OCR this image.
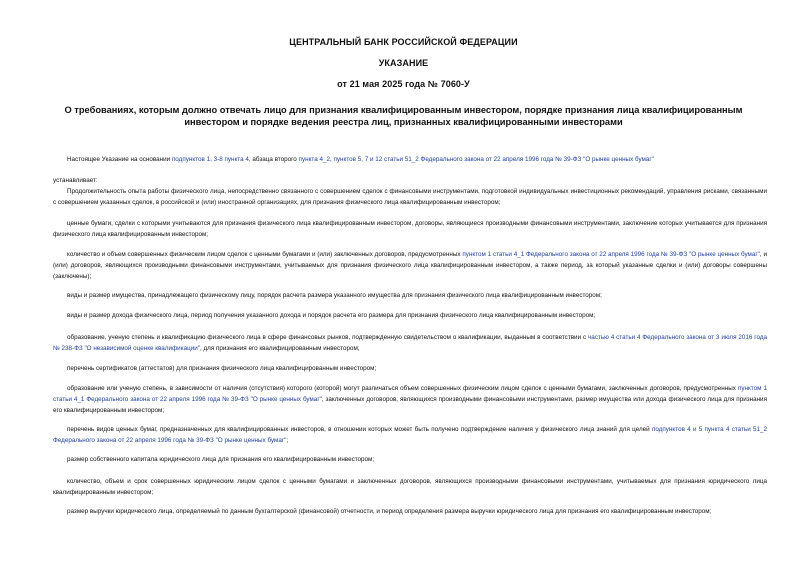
ЦЕНТРАЛЬНЫЙ БАНК РОССИЙСКОЙ ФЕДЕРАЦИИ
УКАЗАНИЕ
от 21 мая 2025 года № 7060-У
О требованиях, которым должно отвечать лицо для признания квалифицированным инвестором, порядке признания лица квалифицированным инвестором и порядке ведения реестра лиц, признанных квалифицированными инвесторами
Настоящее Указание на основании подпунктов 1, 3-8 пункта 4, абзаца второго пункта 4_2, пунктов 5, 7 и 12 статьи 51_2 Федерального закона от 22 апреля 1996 года № 39-ФЗ "О рынке ценных бумаг"
устанавливает:
Продолжительность опыта работы физического лица, непосредственно связанного с совершением сделок с финансовыми инструментами, подготовкой индивидуальных инвестиционных рекомендаций, управления рисками, связанными с совершением указанных сделок, в российской и (или) иностранной организациях, для признания физического лица квалифицированным инвестором;
ценные бумаги, сделки с которыми учитываются для признания физического лица квалифицированным инвестором, договоры, являющиеся производными финансовыми инструментами, заключение которых учитывается для признания физического лица квалифицированным инвестором;
количество и объем совершенных физическим лицом сделок с ценными бумагами и (или) заключенных договоров, предусмотренных пунктом 1 статьи 4_1 Федерального закона от 22 апреля 1996 года № 39-ФЗ "О рынке ценных бумаг", и (или) договоров, являющихся производными финансовыми инструментами, учитываемых для признания физического лица квалифицированным инвестором, а также период, за который указанные сделки и (или) договоры совершены (заключены);
виды и размер имущества, принадлежащего физическому лицу, порядок расчета размера указанного имущества для признания физического лица квалифицированным инвестором;
виды и размер дохода физического лица, период получения указанного дохода и порядок расчета его размера для признания физического лица квалифицированным инвестором;
образование, ученую степень и квалификацию физического лица в сфере финансовых рынков, подтвержденную свидетельством о квалификации, выданным в соответствии с частью 4 статьи 4 Федерального закона от 3 июля 2016 года № 238-ФЗ "О независимой оценке квалификации", для признания его квалифицированным инвестором;
перечень сертификатов (аттестатов) для признания физического лица квалифицированным инвестором;
образование или ученую степень, в зависимости от наличия (отсутствия) которого (которой) могут различаться объем совершенных физическим лицом сделок с ценными бумагами, заключенных договоров, предусмотренных пунктом 1 статьи 4_1 Федерального закона от 22 апреля 1996 года № 39-ФЗ "О рынке ценных бумаг", заключенных договоров, являющихся производными финансовыми инструментами, размер имущества или дохода физического лица для признания его квалифицированным инвестором;
перечень видов ценных бумаг, предназначенных для квалифицированных инвесторов, в отношении которых может быть получено подтверждение наличия у физического лица знаний для целей подпунктов 4 и 5 пункта 4 статьи 51_2 Федерального закона от 22 апреля 1996 года № 39-ФЗ "О рынке ценных бумаг";
размер собственного капитала юридического лица для признания его квалифицированным инвестором;
количество, объем и срок совершенных юридическим лицом сделок с ценными бумагами и заключенных договоров, являющихся производными финансовыми инструментами, учитываемых для признания юридического лица квалифицированным инвестором;
размер выручки юридического лица, определяемый по данным бухгалтерской (финансовой) отчетности, и период определения размера выручки юридического лица для признания его квалифицированным инвестором;
